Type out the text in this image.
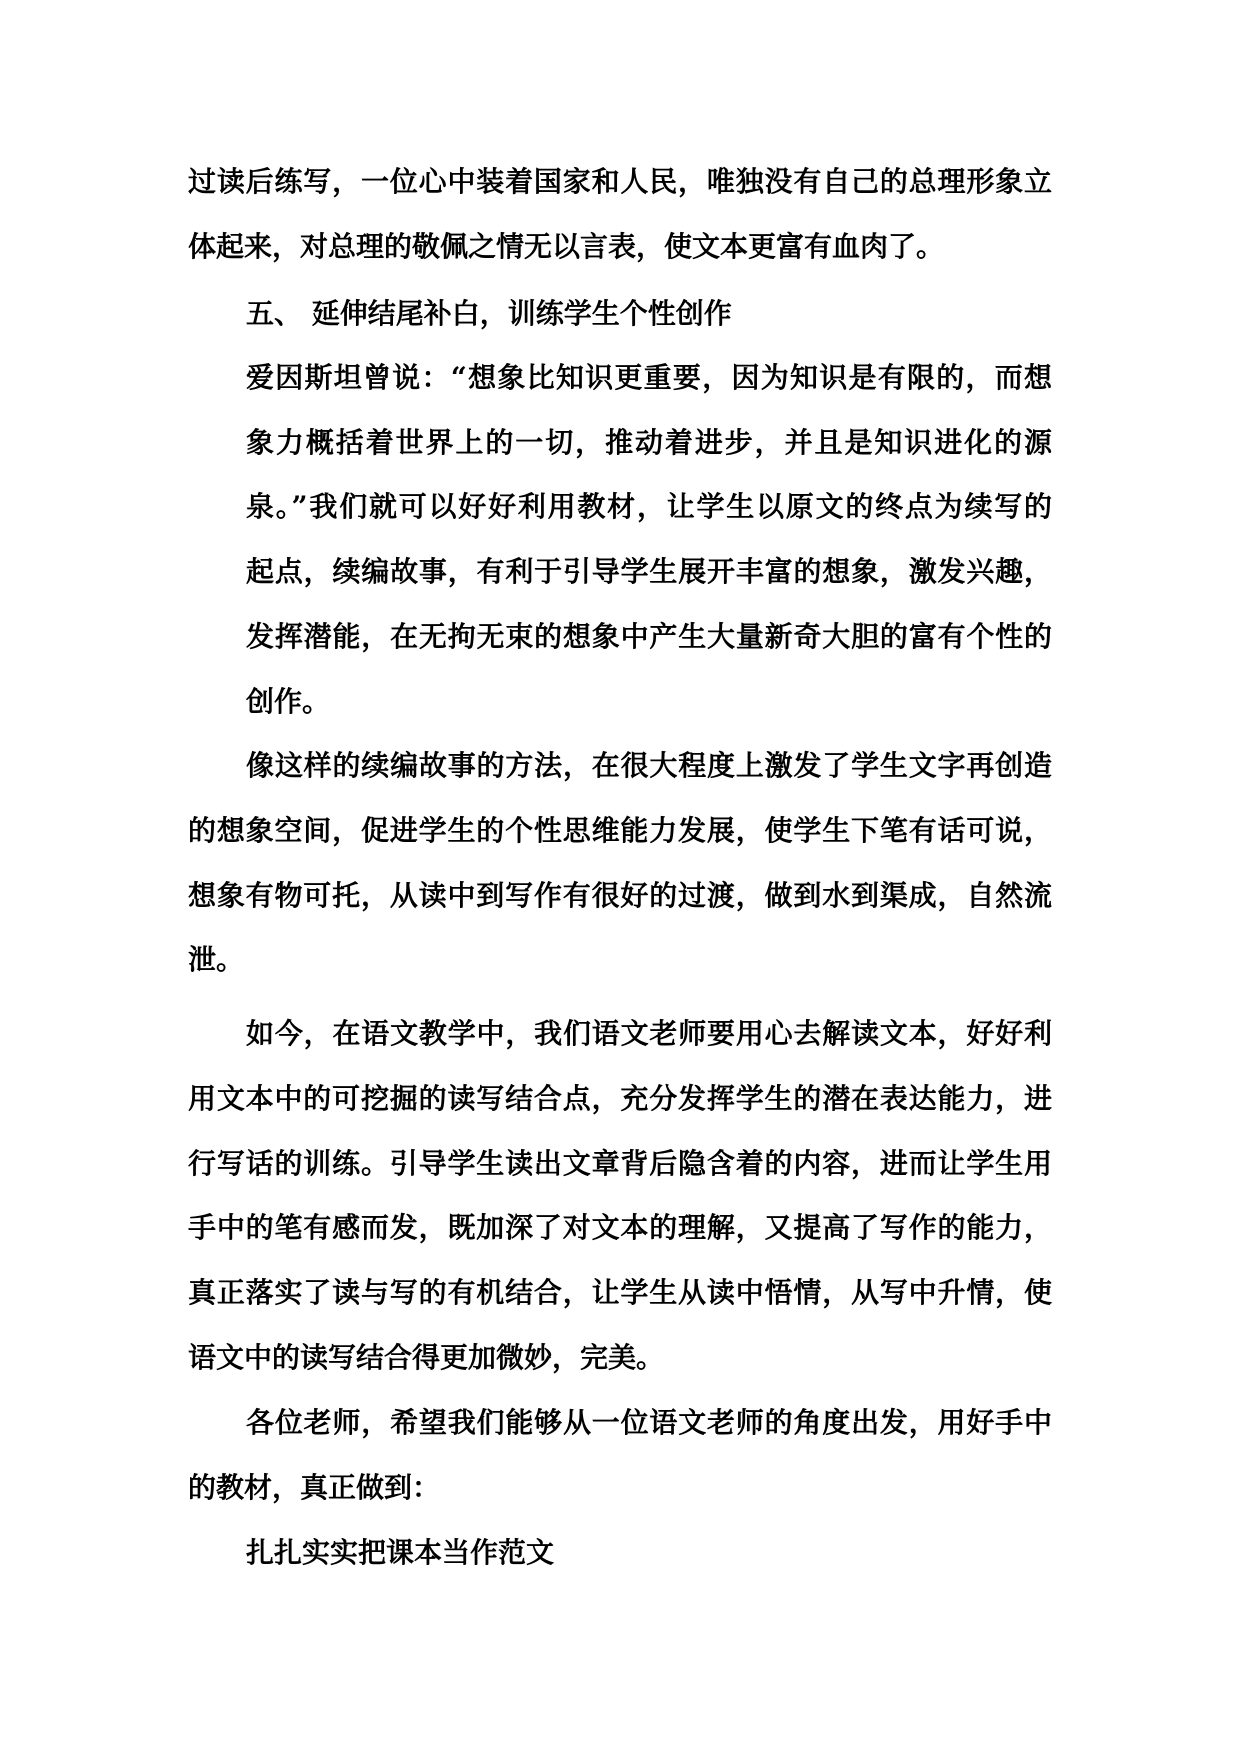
过读后练写，一位心中装着国家和人民，唯独没有自己的总理形象立
体起来，对总理的敬佩之情无以言表，使文本更富有血肉了。
五、 延伸结尾补白，训练学生个性创作
爱因斯坦曾说：“想象比知识更重要，因为知识是有限的，而想
象力概括着世界上的一切，推动着进步，并且是知识进化的源
泉。”我们就可以好好利用教材，让学生以原文的终点为续写的
起点，续编故事，有利于引导学生展开丰富的想象，激发兴趣，
发挥潜能，在无拘无束的想象中产生大量新奇大胆的富有个性的
创作。
像这样的续编故事的方法，在很大程度上激发了学生文字再创造
的想象空间，促进学生的个性思维能力发展，使学生下笔有话可说，
想象有物可托，从读中到写作有很好的过渡，做到水到渠成，自然流
泄。
如今，在语文教学中，我们语文老师要用心去解读文本，好好利
用文本中的可挖掘的读写结合点，充分发挥学生的潜在表达能力，进
行写话的训练。引导学生读出文章背后隐含着的内容，进而让学生用
手中的笔有感而发，既加深了对文本的理解，又提高了写作的能力，
真正落实了读与写的有机结合，让学生从读中悟情，从写中升情，使
语文中的读写结合得更加微妙，完美。
各位老师，希望我们能够从一位语文老师的角度出发，用好手中
的教材，真正做到：
扎扎实实把课本当作范文
